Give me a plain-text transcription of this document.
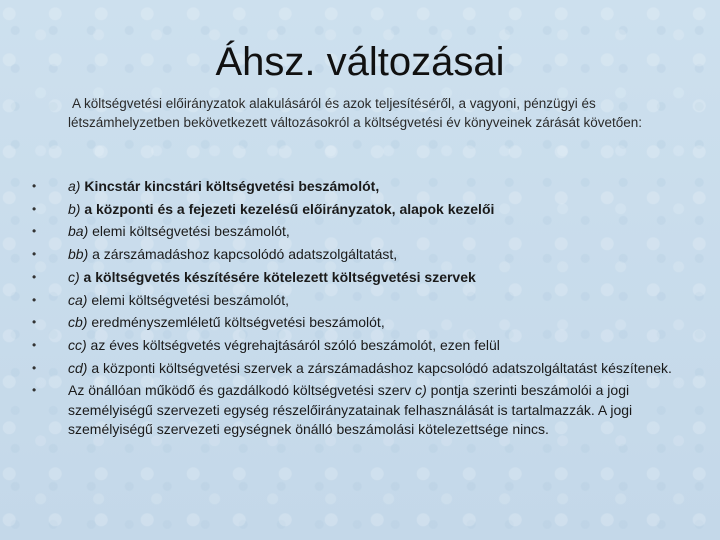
Áhsz. változásai
A költségvetési előirányzatok alakulásáról és azok teljesítéséről, a vagyoni, pénzügyi és létszámhelyzetben bekövetkezett változásokról a költségvetési év könyveinek zárását követően:
• a) Kincstár kincstári költségvetési beszámolót,
• b) a központi és a fejezeti kezelésű előirányzatok, alapok kezelői
• ba) elemi költségvetési beszámolót,
• bb) a zárszámadáshoz kapcsolódó adatszolgáltatást,
• c) a költségvetés készítésére kötelezett költségvetési szervek
• ca) elemi költségvetési beszámolót,
• cb) eredményszemléletű költségvetési beszámolót,
• cc) az éves költségvetés végrehajtásáról szóló beszámolót, ezen felül
• cd) a központi költségvetési szervek a zárszámadáshoz kapcsolódó adatszolgáltatást készítenek.
• Az önállóan működő és gazdálkodó költségvetési szerv c) pontja szerinti beszámolói a jogi személyiségű szervezeti egység részelőirányzatainak felhasználását is tartalmazzák. A jogi személyiségű szervezeti egységnek önálló beszámolási kötelezettsége nincs.
